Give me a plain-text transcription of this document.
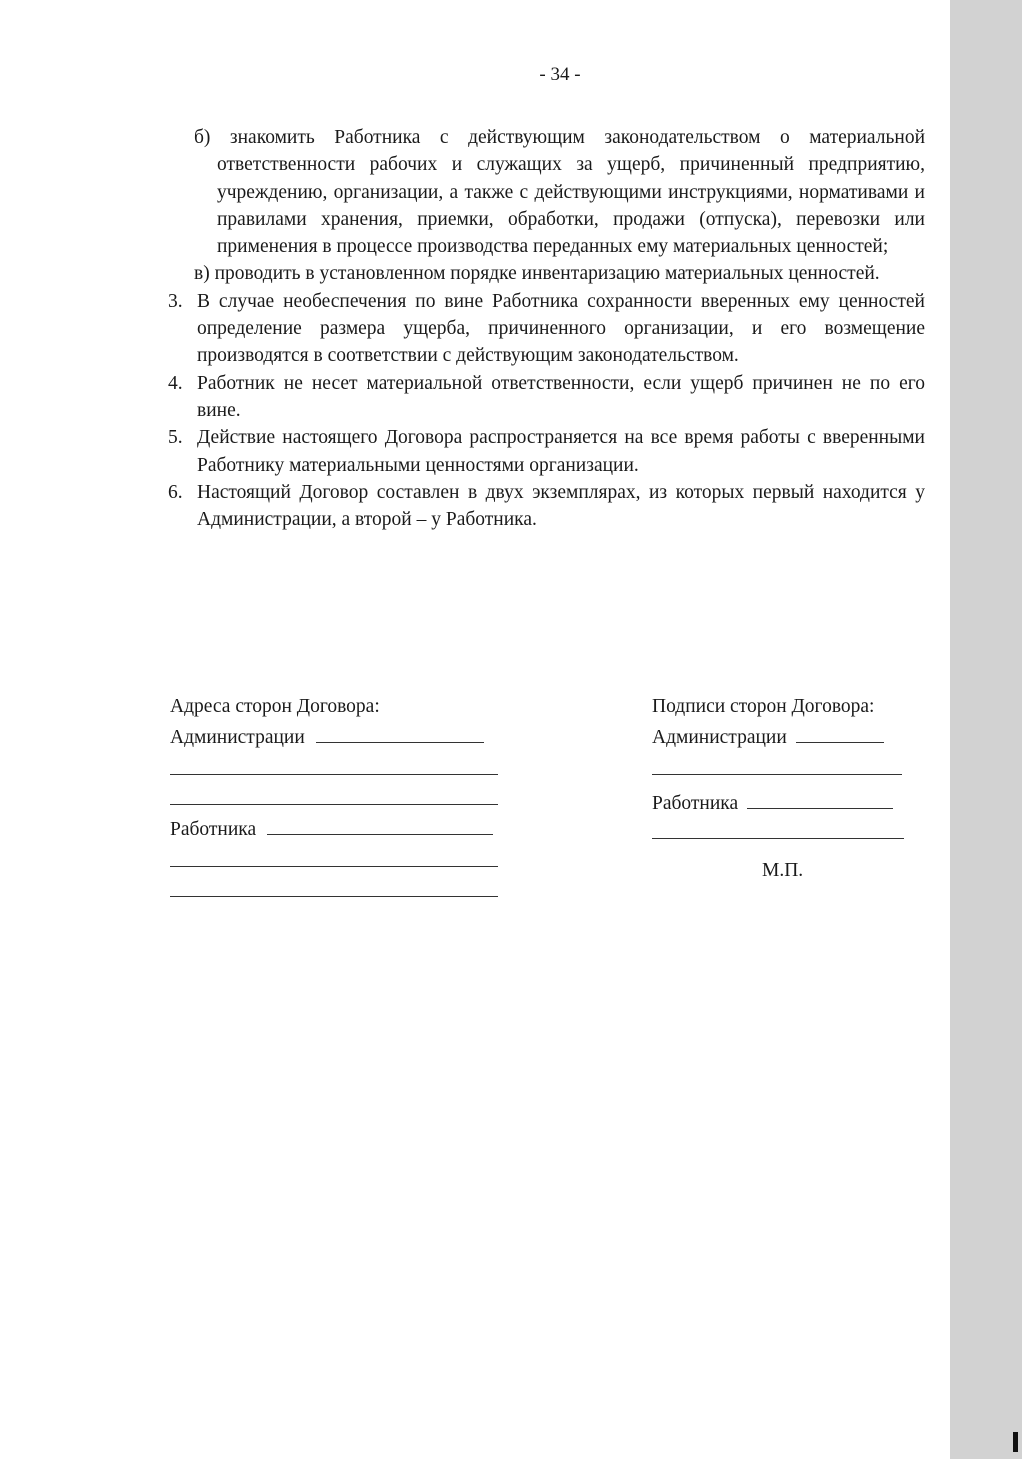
- 34 -
б) знакомить Работника с действующим законодательством о материальной ответственности рабочих и служащих за ущерб, причиненный предприятию, учреждению, организации, а также с действующими инструкциями, нормативами и правилами хранения, приемки, обработки, продажи (отпуска), перевозки или применения в процессе производства переданных ему материальных ценностей;
в) проводить в установленном порядке инвентаризацию материальных ценностей.
3. В случае необеспечения по вине Работника сохранности вверенных ему ценностей определение размера ущерба, причиненного организации, и его возмещение производятся в соответствии с действующим законодательством.
4. Работник не несет материальной ответственности, если ущерб причинен не по его вине.
5. Действие настоящего Договора распространяется на все время работы с вверенными Работнику материальными ценностями организации.
6. Настоящий Договор составлен в двух экземплярах, из которых первый находится у Администрации, а второй – у Работника.
Адреса сторон Договора:
Администрации
Работника
Подписи сторон Договора:
Администрации
Работника
М.П.
